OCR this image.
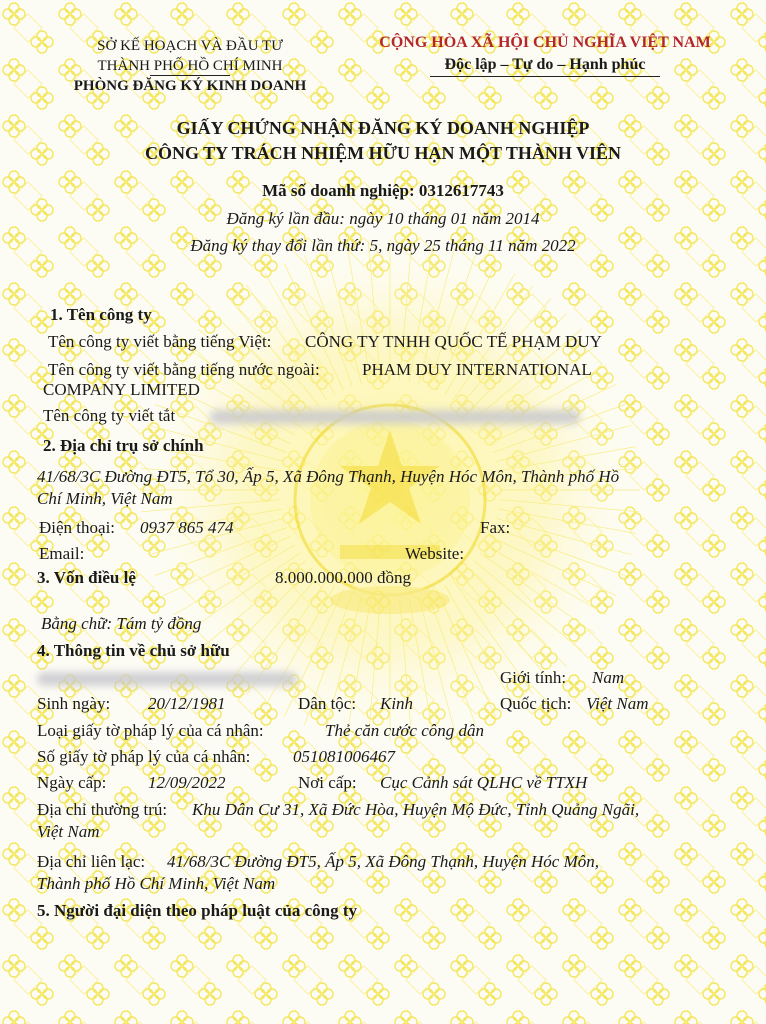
SỞ KẾ HOẠCH VÀ ĐẦU TƯ
THÀNH PHỐ HỒ CHÍ MINH
PHÒNG ĐĂNG KÝ KINH DOANH
CỘNG HÒA XÃ HỘI CHỦ NGHĨA VIỆT NAM
Độc lập – Tự do – Hạnh phúc
GIẤY CHỨNG NHẬN ĐĂNG KÝ DOANH NGHIỆP
CÔNG TY TRÁCH NHIỆM HỮU HẠN MỘT THÀNH VIÊN
Mã số doanh nghiệp: 0312617743
Đăng ký lần đầu: ngày 10 tháng 01 năm 2014
Đăng ký thay đổi lần thứ: 5, ngày 25 tháng 11 năm 2022
1. Tên công ty
Tên công ty viết bằng tiếng Việt: CÔNG TY TNHH QUỐC TẾ PHẠM DUY
Tên công ty viết bằng tiếng nước ngoài: PHAM DUY INTERNATIONAL
COMPANY LIMITED
Tên công ty viết tắt
2. Địa chỉ trụ sở chính
41/68/3C Đường ĐT5, Tổ 30, Ấp 5, Xã Đông Thạnh, Huyện Hóc Môn, Thành phố Hồ
Chí Minh, Việt Nam
Điện thoại: 0937 865 474	Fax:
Email:	Website:
3. Vốn điều lệ	8.000.000.000 đồng
Bằng chữ: Tám tỷ đồng
4. Thông tin về chủ sở hữu
Giới tính: Nam
Sinh ngày: 20/12/1981	Dân tộc: Kinh	Quốc tịch: Việt Nam
Loại giấy tờ pháp lý của cá nhân:	Thẻ căn cước công dân
Số giấy tờ pháp lý của cá nhân:	051081006467
Ngày cấp: 12/09/2022	Nơi cấp: Cục Cảnh sát QLHC về TTXH
Địa chỉ thường trú: Khu Dân Cư 31, Xã Đức Hòa, Huyện Mộ Đức, Tỉnh Quảng Ngãi,
Việt Nam
Địa chỉ liên lạc: 41/68/3C Đường ĐT5, Ấp 5, Xã Đông Thạnh, Huyện Hóc Môn,
Thành phố Hồ Chí Minh, Việt Nam
5. Người đại diện theo pháp luật của công ty
